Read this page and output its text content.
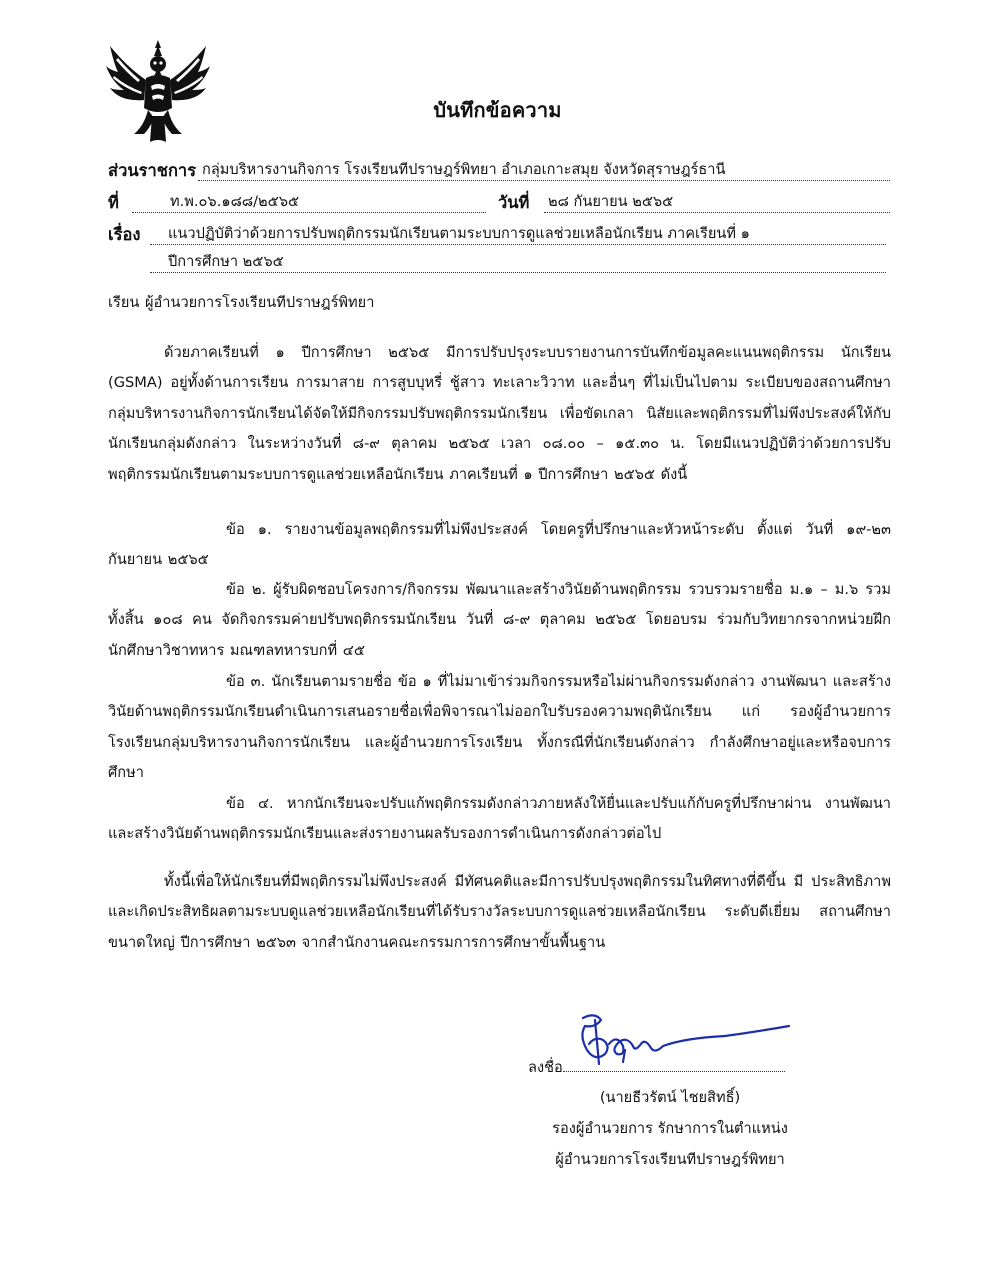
บันทึกข้อความ
ส่วนราชการ กลุ่มบริหารงานกิจการ โรงเรียนทีปราษฎร์พิทยา อำเภอเกาะสมุย จังหวัดสุราษฎร์ธานี
ที่	ท.พ.๐๖.๑๘๘/๒๕๖๕	วันที่ ๒๘ กันยายน ๒๕๖๕
เรื่อง	แนวปฏิบัติว่าด้วยการปรับพฤติกรรมนักเรียนตามระบบการดูแลช่วยเหลือนักเรียน ภาคเรียนที่ ๑
ปีการศึกษา ๒๕๖๕
เรียน ผู้อำนวยการโรงเรียนทีปราษฎร์พิทยา
ด้วยภาคเรียนที่ ๑ ปีการศึกษา ๒๕๖๕ มีการปรับปรุงระบบรายงานการบันทึกข้อมูลคะแนนพฤติกรรม นักเรียน (GSMA) อยู่ทั้งด้านการเรียน การมาสาย การสูบบุหรี่ ชู้สาว ทะเลาะวิวาท และอื่นๆ ที่ไม่เป็นไปตาม ระเบียบของสถานศึกษา กลุ่มบริหารงานกิจการนักเรียนได้จัดให้มีกิจกรรมปรับพฤติกรรมนักเรียน เพื่อขัดเกลา นิสัยและพฤติกรรมที่ไม่พึงประสงค์ให้กับนักเรียนกลุ่มดังกล่าว ในระหว่างวันที่ ๘-๙ ตุลาคม ๒๕๖๕ เวลา ๐๘.๐๐ – ๑๕.๓๐ น. โดยมีแนวปฏิบัติว่าด้วยการปรับพฤติกรรมนักเรียนตามระบบการดูแลช่วยเหลือนักเรียน ภาคเรียนที่ ๑ ปีการศึกษา ๒๕๖๕ ดังนี้
ข้อ ๑. รายงานข้อมูลพฤติกรรมที่ไม่พึงประสงค์ โดยครูที่ปรึกษาและหัวหน้าระดับ ตั้งแต่ วันที่ ๑๙-๒๓ กันยายน ๒๕๖๕
ข้อ ๒. ผู้รับผิดชอบโครงการ/กิจกรรม พัฒนาและสร้างวินัยด้านพฤติกรรม รวบรวมรายชื่อ ม.๑ – ม.๖ รวมทั้งสิ้น ๑๐๘ คน จัดกิจกรรมค่ายปรับพฤติกรรมนักเรียน วันที่ ๘-๙ ตุลาคม ๒๕๖๕ โดยอบรม ร่วมกับวิทยากรจากหน่วยฝึกนักศึกษาวิชาทหาร มณฑลทหารบกที่ ๔๕
ข้อ ๓. นักเรียนตามรายชื่อ ข้อ ๑ ที่ไม่มาเข้าร่วมกิจกรรมหรือไม่ผ่านกิจกรรมดังกล่าว งานพัฒนา และสร้างวินัยด้านพฤติกรรมนักเรียนดำเนินการเสนอรายชื่อเพื่อพิจารณาไม่ออกใบรับรองความพฤตินักเรียน แก่ รองผู้อำนวยการโรงเรียนกลุ่มบริหารงานกิจการนักเรียน และผู้อำนวยการโรงเรียน ทั้งกรณีที่นักเรียนดังกล่าว กำลังศึกษาอยู่และหรือจบการศึกษา
ข้อ ๔. หากนักเรียนจะปรับแก้พฤติกรรมดังกล่าวภายหลังให้ยื่นและปรับแก้กับครูที่ปรึกษาผ่าน งานพัฒนาและสร้างวินัยด้านพฤติกรรมนักเรียนและส่งรายงานผลรับรองการดำเนินการดังกล่าวต่อไป
ทั้งนี้เพื่อให้นักเรียนที่มีพฤติกรรมไม่พึงประสงค์ มีทัศนคติและมีการปรับปรุงพฤติกรรมในทิศทางที่ดีขึ้น มี ประสิทธิภาพและเกิดประสิทธิผลตามระบบดูแลช่วยเหลือนักเรียนที่ได้รับรางวัลระบบการดูแลช่วยเหลือนักเรียน ระดับดีเยี่ยม สถานศึกษาขนาดใหญ่ ปีการศึกษา ๒๕๖๓ จากสำนักงานคณะกรรมการการศึกษาขั้นพื้นฐาน
ลงชื่อ
(นายธีวรัตน์ ไชยสิทธิ์)
รองผู้อำนวยการ รักษาการในตำแหน่ง
ผู้อำนวยการโรงเรียนทีปราษฎร์พิทยา
